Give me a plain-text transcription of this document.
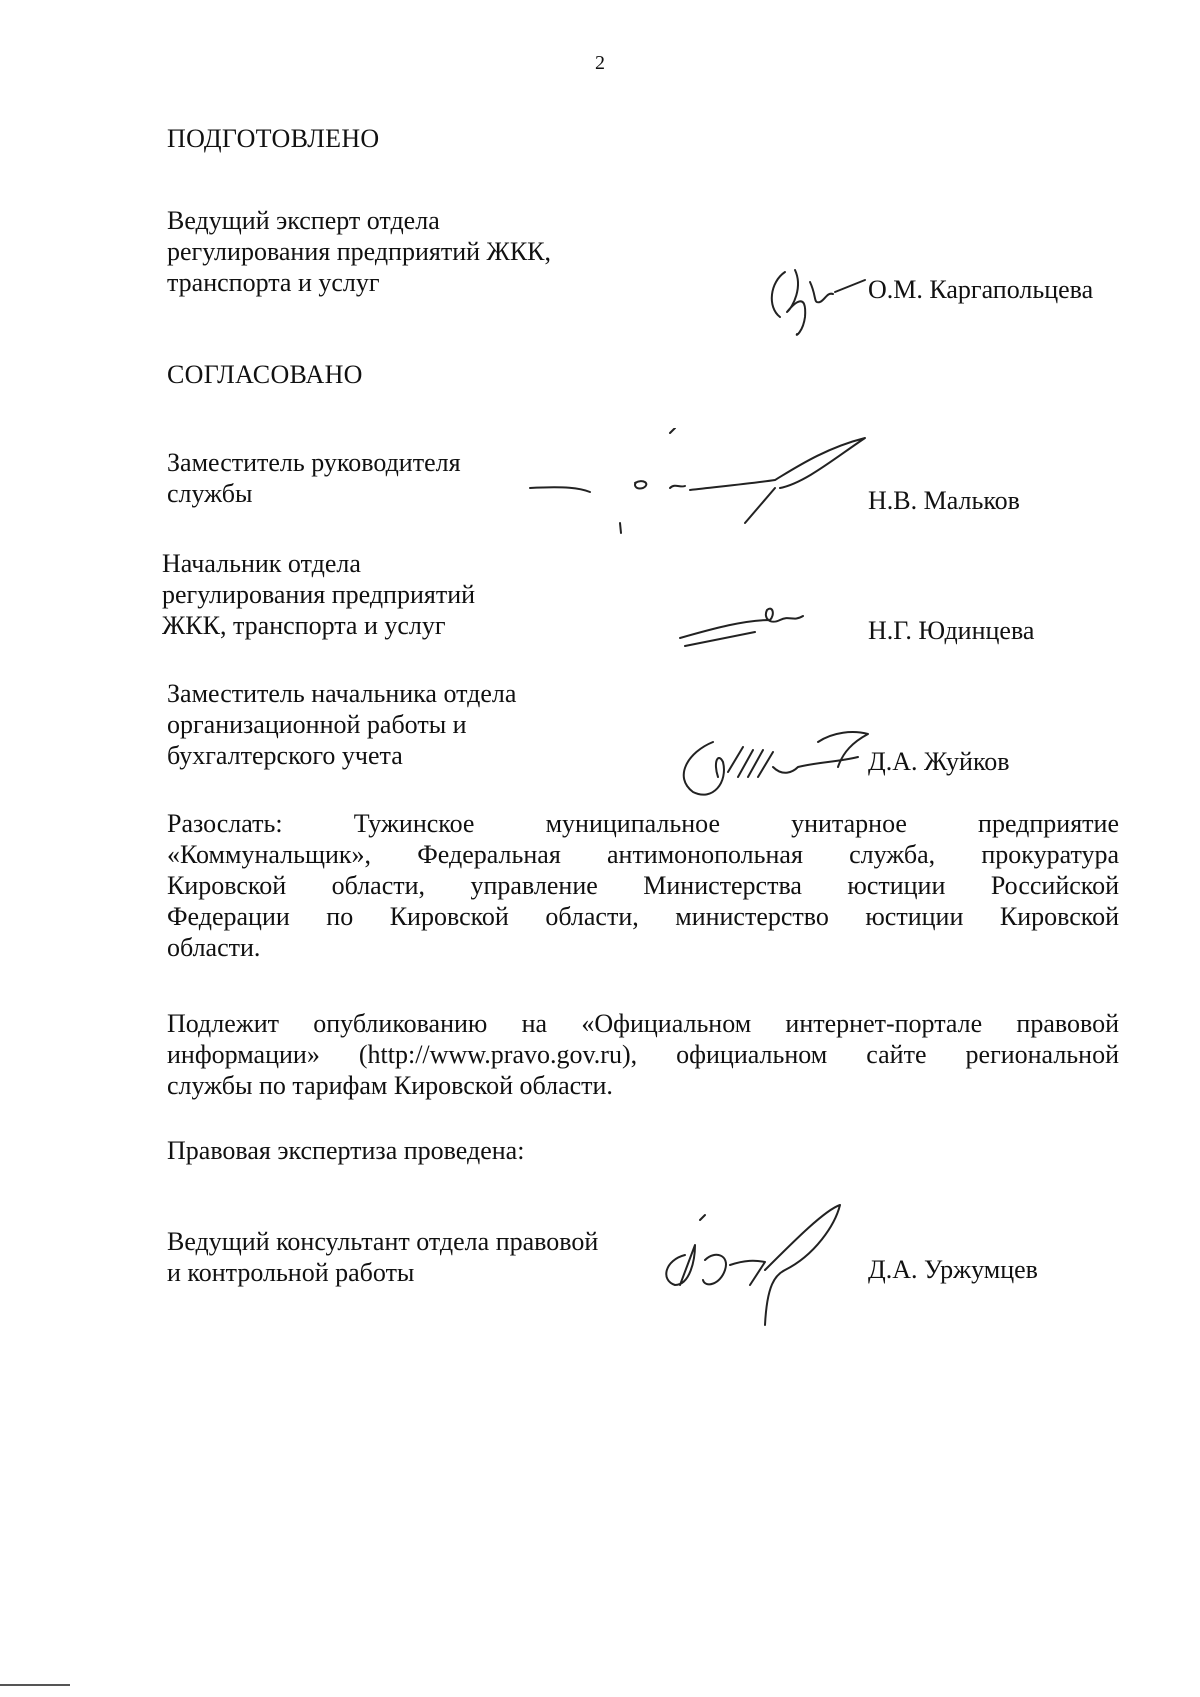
2
ПОДГОТОВЛЕНО
Ведущий эксперт отдела
регулирования предприятий ЖКК,
транспорта и услуг	О.М. Каргапольцева
СОГЛАСОВАНО
Заместитель руководителя
службы	Н.В. Мальков
Начальник отдела
регулирования предприятий
ЖКК, транспорта и услуг	Н.Г. Юдинцева
Заместитель начальника отдела
организационной работы и
бухгалтерского учета	Д.А. Жуйков
Разослать: Тужинское муниципальное унитарное предприятие
«Коммунальщик», Федеральная антимонопольная служба, прокуратура
Кировской области, управление Министерства юстиции Российской
Федерации по Кировской области, министерство юстиции Кировской
области.
Подлежит опубликованию на «Официальном интернет-портале правовой
информации» (http://www.pravo.gov.ru), официальном сайте региональной
службы по тарифам Кировской области.
Правовая экспертиза проведена:
Ведущий консультант отдела правовой
и контрольной работы	Д.А. Уржумцев
